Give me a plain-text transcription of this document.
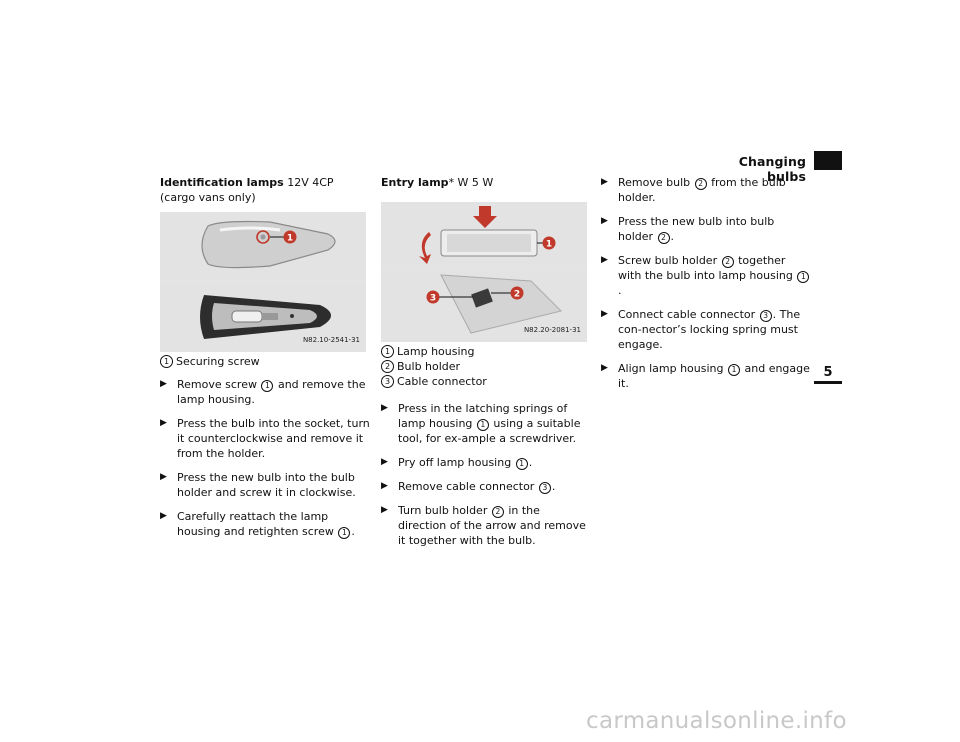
Changing bulbs
5
Identification lamps 12V 4CP
(cargo vans only)
1
N82.10-2541-31
1 Securing screw
▶ Remove screw 1 and remove the lamp housing.
▶ Press the bulb into the socket, turn it counterclockwise and remove it from the holder.
▶ Press the new bulb into the bulb holder and screw it in clockwise.
▶ Carefully reattach the lamp housing and retighten screw 1 .
Entry lamp* W 5 W
1
3	2
N82.20-2081-31
1 Lamp housing
2 Bulb holder
3 Cable connector
▶ Press in the latching springs of lamp housing 1 using a suitable tool, for ex-ample a screwdriver.
▶ Pry off lamp housing 1 .
▶ Remove cable connector 3 .
▶ Turn bulb holder 2 in the direction of the arrow and remove it together with the bulb.
▶ Remove bulb 2 from the bulb holder.
▶ Press the new bulb into bulb holder 2 .
▶ Screw bulb holder 2 together with the bulb into lamp housing 1.
▶ Connect cable connector 3 . The con-nector’s locking spring must engage.
▶ Align lamp housing 1 and engage it.
carmanualsonline.info
